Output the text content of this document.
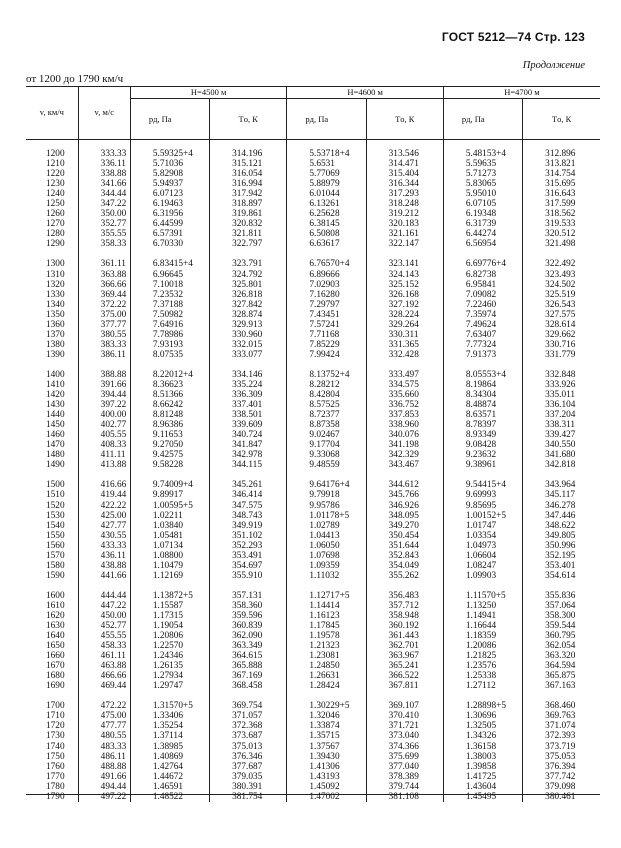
ГОСТ 5212—74 Стр. 123
Продолжение
от 1200 до 1790 км/ч
v, км/ч	v, м/с	H=4500 м		H=4600 м		H=4700 м	
		pд, Па	Tо, К	pд, Па	Tо, К	pд, Па	Tо, К

1200	333.33	5.59325+4	314.196	5.53718+4	313.546	5.48153+4	312.896
1210	336.11	5.71036	315.121	5.6531	314.471	5.59635	313.821
1220	338.88	5.82908	316.054	5.77069	315.404	5.71273	314.754
1230	341.66	5.94937	316.994	5.88979	316.344	5.83065	315.695
1240	344.44	6.07123	317.942	6.01044	317.293	5.95010	316.643
1250	347.22	6.19463	318.897	6.13261	318.248	6.07105	317.599
1260	350.00	6.31956	319.861	6.25628	319.212	6.19348	318.562
1270	352.77	6.44599	320.832	6.38145	320.183	6.31739	319.533
1280	355.55	6.57391	321.811	6.50808	321.161	6.44274	320.512
1290	358.33	6.70330	322.797	6.63617	322.147	6.56954	321.498

1300	361.11	6.83415+4	323.791	6.76570+4	323.141	6.69776+4	322.492
1310	363.88	6.96645	324.792	6.89666	324.143	6.82738	323.493
1320	366.66	7.10018	325.801	7.02903	325.152	6.95841	324.502
1330	369.44	7.23532	326.818	7.16280	326.168	7.09082	325.519
1340	372.22	7.37188	327.842	7.29797	327.192	7.22460	326.543
1350	375.00	7.50982	328.874	7.43451	328.224	7.35974	327.575
1360	377.77	7.64916	329.913	7.57241	329.264	7.49624	328.614
1370	380.55	7.78986	330.960	7.71168	330.311	7.63407	329.662
1380	383.33	7.93193	332.015	7.85229	331.365	7.77324	330.716
1390	386.11	8.07535	333.077	7.99424	332.428	7.91373	331.779

1400	388.88	8.22012+4	334.146	8.13752+4	333.497	8.05553+4	332.848
1410	391.66	8.36623	335.224	8.28212	334.575	8.19864	333.926
1420	394.44	8.51366	336.309	8.42804	335.660	8.34304	335.011
1430	397.22	8.66242	337.401	8.57525	336.752	8.48874	336.104
1440	400.00	8.81248	338.501	8.72377	337.853	8.63571	337.204
1450	402.77	8.96386	339.609	8.87358	338.960	8.78397	338.311
1460	405.55	9.11653	340.724	9.02467	340.076	8.93349	339.427
1470	408.33	9.27050	341.847	9.17704	341.198	9.08428	340.550
1480	411.11	9.42575	342.978	9.33068	342.329	9.23632	341.680
1490	413.88	9.58228	344.115	9.48559	343.467	9.38961	342.818

1500	416.66	9.74009+4	345.261	9.64176+4	344.612	9.54415+4	343.964
1510	419.44	9.89917	346.414	9.79918	345.766	9.69993	345.117
1520	422.22	1.00595+5	347.575	9.95786	346.926	9.85695	346.278
1530	425.00	1.02211	348.743	1.01178+5	348.095	1.00152+5	347.446
1540	427.77	1.03840	349.919	1.02789	349.270	1.01747	348.622
1550	430.55	1.05481	351.102	1.04413	350.454	1.03354	349.805
1560	433.33	1.07134	352.293	1.06050	351.644	1.04973	350.996
1570	436.11	1.08800	353.491	1.07698	352.843	1.06604	352.195
1580	438.88	1.10479	354.697	1.09359	354.049	1.08247	353.401
1590	441.66	1.12169	355.910	1.11032	355.262	1.09903	354.614

1600	444.44	1.13872+5	357.131	1.12717+5	356.483	1.11570+5	355.836
1610	447.22	1.15587	358.360	1.14414	357.712	1.13250	357.064
1620	450.00	1.17315	359.596	1.16123	358.948	1.14941	358.300
1630	452.77	1.19054	360.839	1.17845	360.192	1.16644	359.544
1640	455.55	1.20806	362.090	1.19578	361.443	1.18359	360.795
1650	458.33	1.22570	363.349	1.21323	362.701	1.20086	362.054
1660	461.11	1.24346	364.615	1.23081	363.967	1.21825	363.320
1670	463.88	1.26135	365.888	1.24850	365.241	1.23576	364.594
1680	466.66	1.27934	367.169	1.26631	366.522	1.25338	365.875
1690	469.44	1.29747	368.458	1.28424	367.811	1.27112	367.163

1700	472.22	1.31570+5	369.754	1.30229+5	369.107	1.28898+5	368.460
1710	475.00	1.33406	371.057	1.32046	370.410	1.30696	369.763
1720	477.77	1.35254	372.368	1.33874	371.721	1.32505	371.074
1730	480.55	1.37114	373.687	1.35715	373.040	1.34326	372.393
1740	483.33	1.38985	375.013	1.37567	374.366	1.36158	373.719
1750	486.11	1.40869	376.346	1.39430	375.699	1.38003	375.053
1760	488.88	1.42764	377.687	1.41306	377.040	1.39858	376.394
1770	491.66	1.44672	379.035	1.43193	378.389	1.41725	377.742
1780	494.44	1.46591	380.391	1.45092	379.744	1.43604	379.098
1790	497.22	1.48522	381.754	1.47002	381.108	1.45495	380.461
